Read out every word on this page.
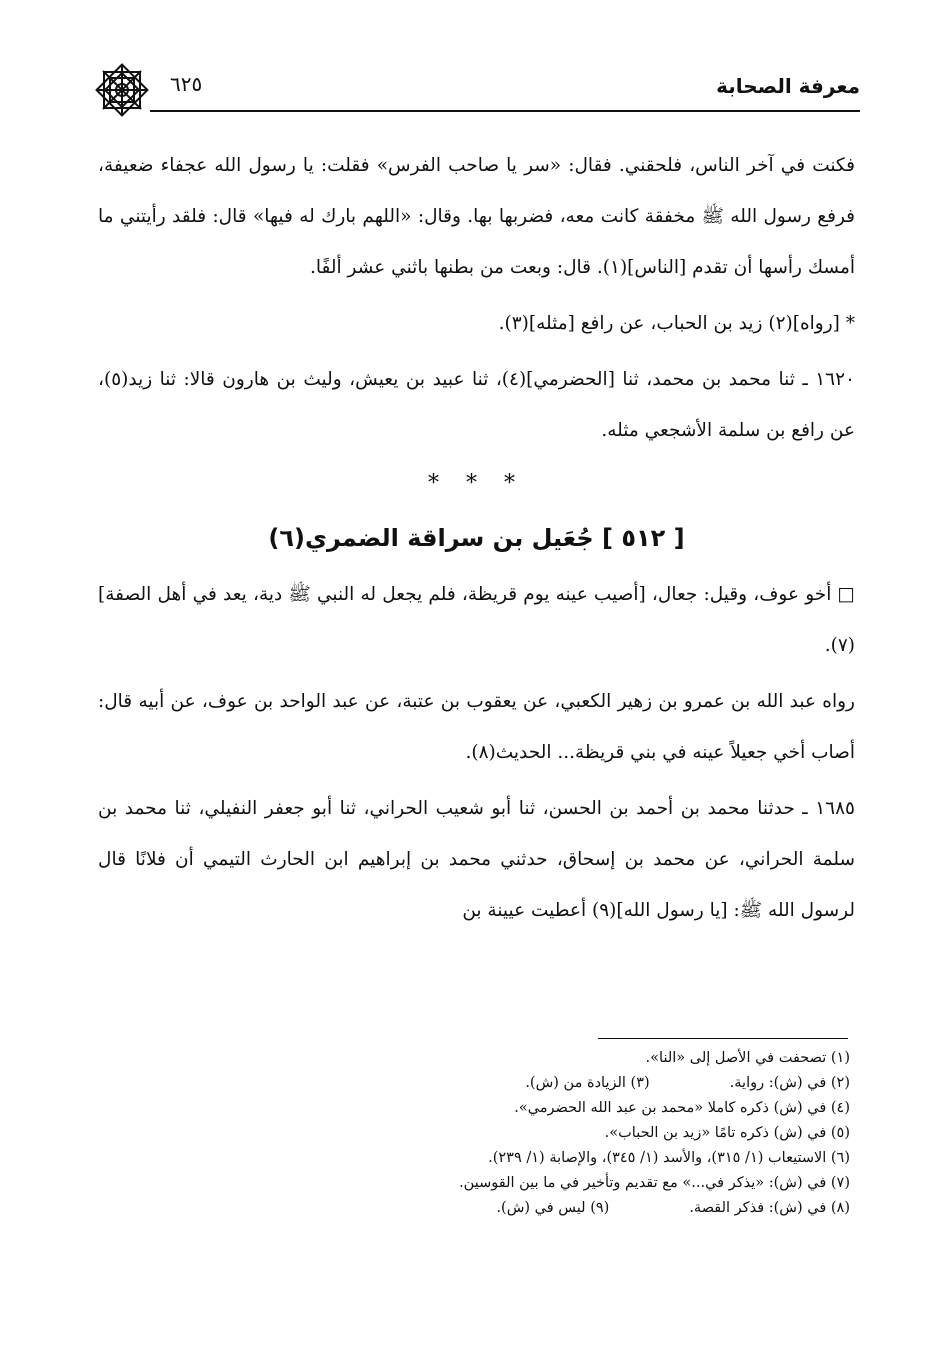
معرفة الصحابة
٦٢٥

فكنت في آخر الناس، فلحقني. فقال: «سر يا صاحب الفرس» فقلت: يا رسول الله عجفاء ضعيفة، فرفع رسول الله ﷺ مخفقة كانت معه، فضربها بها. وقال: «اللهم بارك له فيها» قال: فلقد رأيتني ما أمسك رأسها أن تقدم [الناس](١). قال: وبعت من بطنها باثني عشر ألفًا.

* [رواه](٢) زيد بن الحباب، عن رافع [مثله](٣).

١٦٢٠ ـ ثنا محمد بن محمد، ثنا [الحضرمي](٤)، ثنا عبيد بن يعيش، وليث بن هارون قالا: ثنا زيد(٥)، عن رافع بن سلمة الأشجعي مثله.

* * *

[ ٥١٢ ] جُعَيل بن سراقة الضمري(٦)

□ أخو عوف، وقيل: جعال، [أصيب عينه يوم قريظة، فلم يجعل له النبي ﷺ دية، يعد في أهل الصفة](٧).

رواه عبد الله بن عمرو بن زهير الكعبي، عن يعقوب بن عتبة، عن عبد الواحد بن عوف، عن أبيه قال: أصاب أخي جعيلاً عينه في بني قريظة... الحديث(٨).

١٦٨٥ ـ حدثنا محمد بن أحمد بن الحسن، ثنا أبو شعيب الحراني، ثنا أبو جعفر النفيلي، ثنا محمد بن سلمة الحراني، عن محمد بن إسحاق، حدثني محمد بن إبراهيم ابن الحارث التيمي أن فلانًا قال لرسول الله ﷺ: [يا رسول الله](٩) أعطيت عيينة بن

(١) تصحفت في الأصل إلى «النا».
(٢) في (ش): رواية.
(٣) الزيادة من (ش).
(٤) في (ش) ذكره كاملا «محمد بن عبد الله الحضرمي».
(٥) في (ش) ذكره تامًا «زيد بن الحباب».
(٦) الاستيعاب (١/ ٣١٥)، والأسد (١/ ٣٤٥)، والإصابة (١/ ٢٣٩).
(٧) في (ش): «يذكر في...» مع تقديم وتأخير في ما بين القوسين.
(٨) في (ش): فذكر القصة.
(٩) ليس في (ش).
